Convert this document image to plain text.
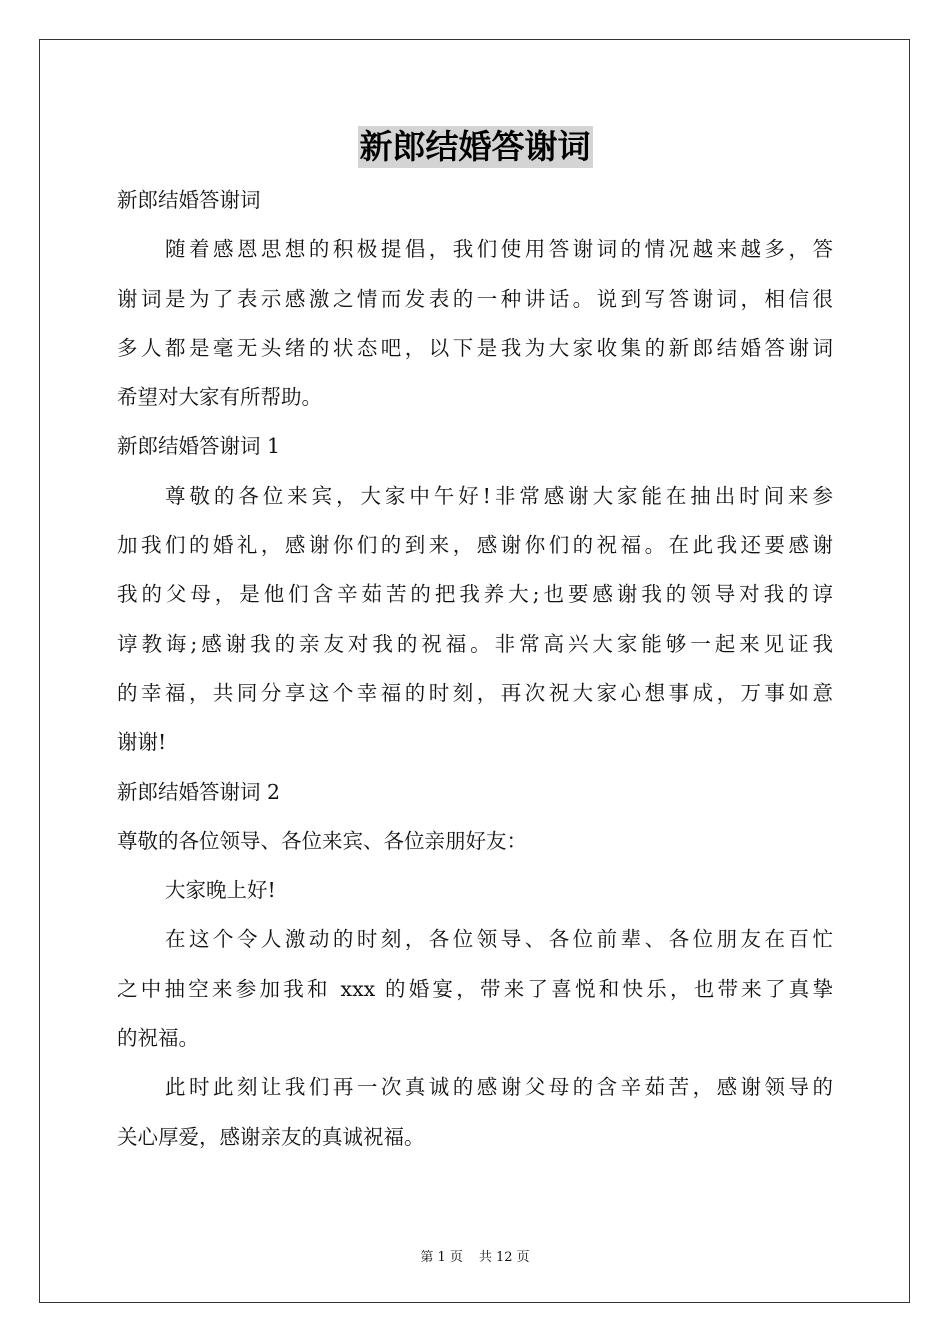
新郎结婚答谢词
新郎结婚答谢词
随着感恩思想的积极提倡，我们使用答谢词的情况越来越多，答
谢词是为了表示感激之情而发表的一种讲话。说到写答谢词，相信很
多人都是毫无头绪的状态吧，以下是我为大家收集的新郎结婚答谢词
希望对大家有所帮助。
新郎结婚答谢词 1
尊敬的各位来宾，大家中午好!非常感谢大家能在抽出时间来参
加我们的婚礼，感谢你们的到来，感谢你们的祝福。在此我还要感谢
我的父母，是他们含辛茹苦的把我养大;也要感谢我的领导对我的谆
谆教诲;感谢我的亲友对我的祝福。非常高兴大家能够一起来见证我
的幸福，共同分享这个幸福的时刻，再次祝大家心想事成，万事如意
谢谢!
新郎结婚答谢词 2
尊敬的各位领导、各位来宾、各位亲朋好友：
大家晚上好!
在这个令人激动的时刻，各位领导、各位前辈、各位朋友在百忙
之中抽空来参加我和 xxx 的婚宴，带来了喜悦和快乐，也带来了真挚
的祝福。
此时此刻让我们再一次真诚的感谢父母的含辛茹苦，感谢领导的
关心厚爱，感谢亲友的真诚祝福。
第 1 页 共 12 页
